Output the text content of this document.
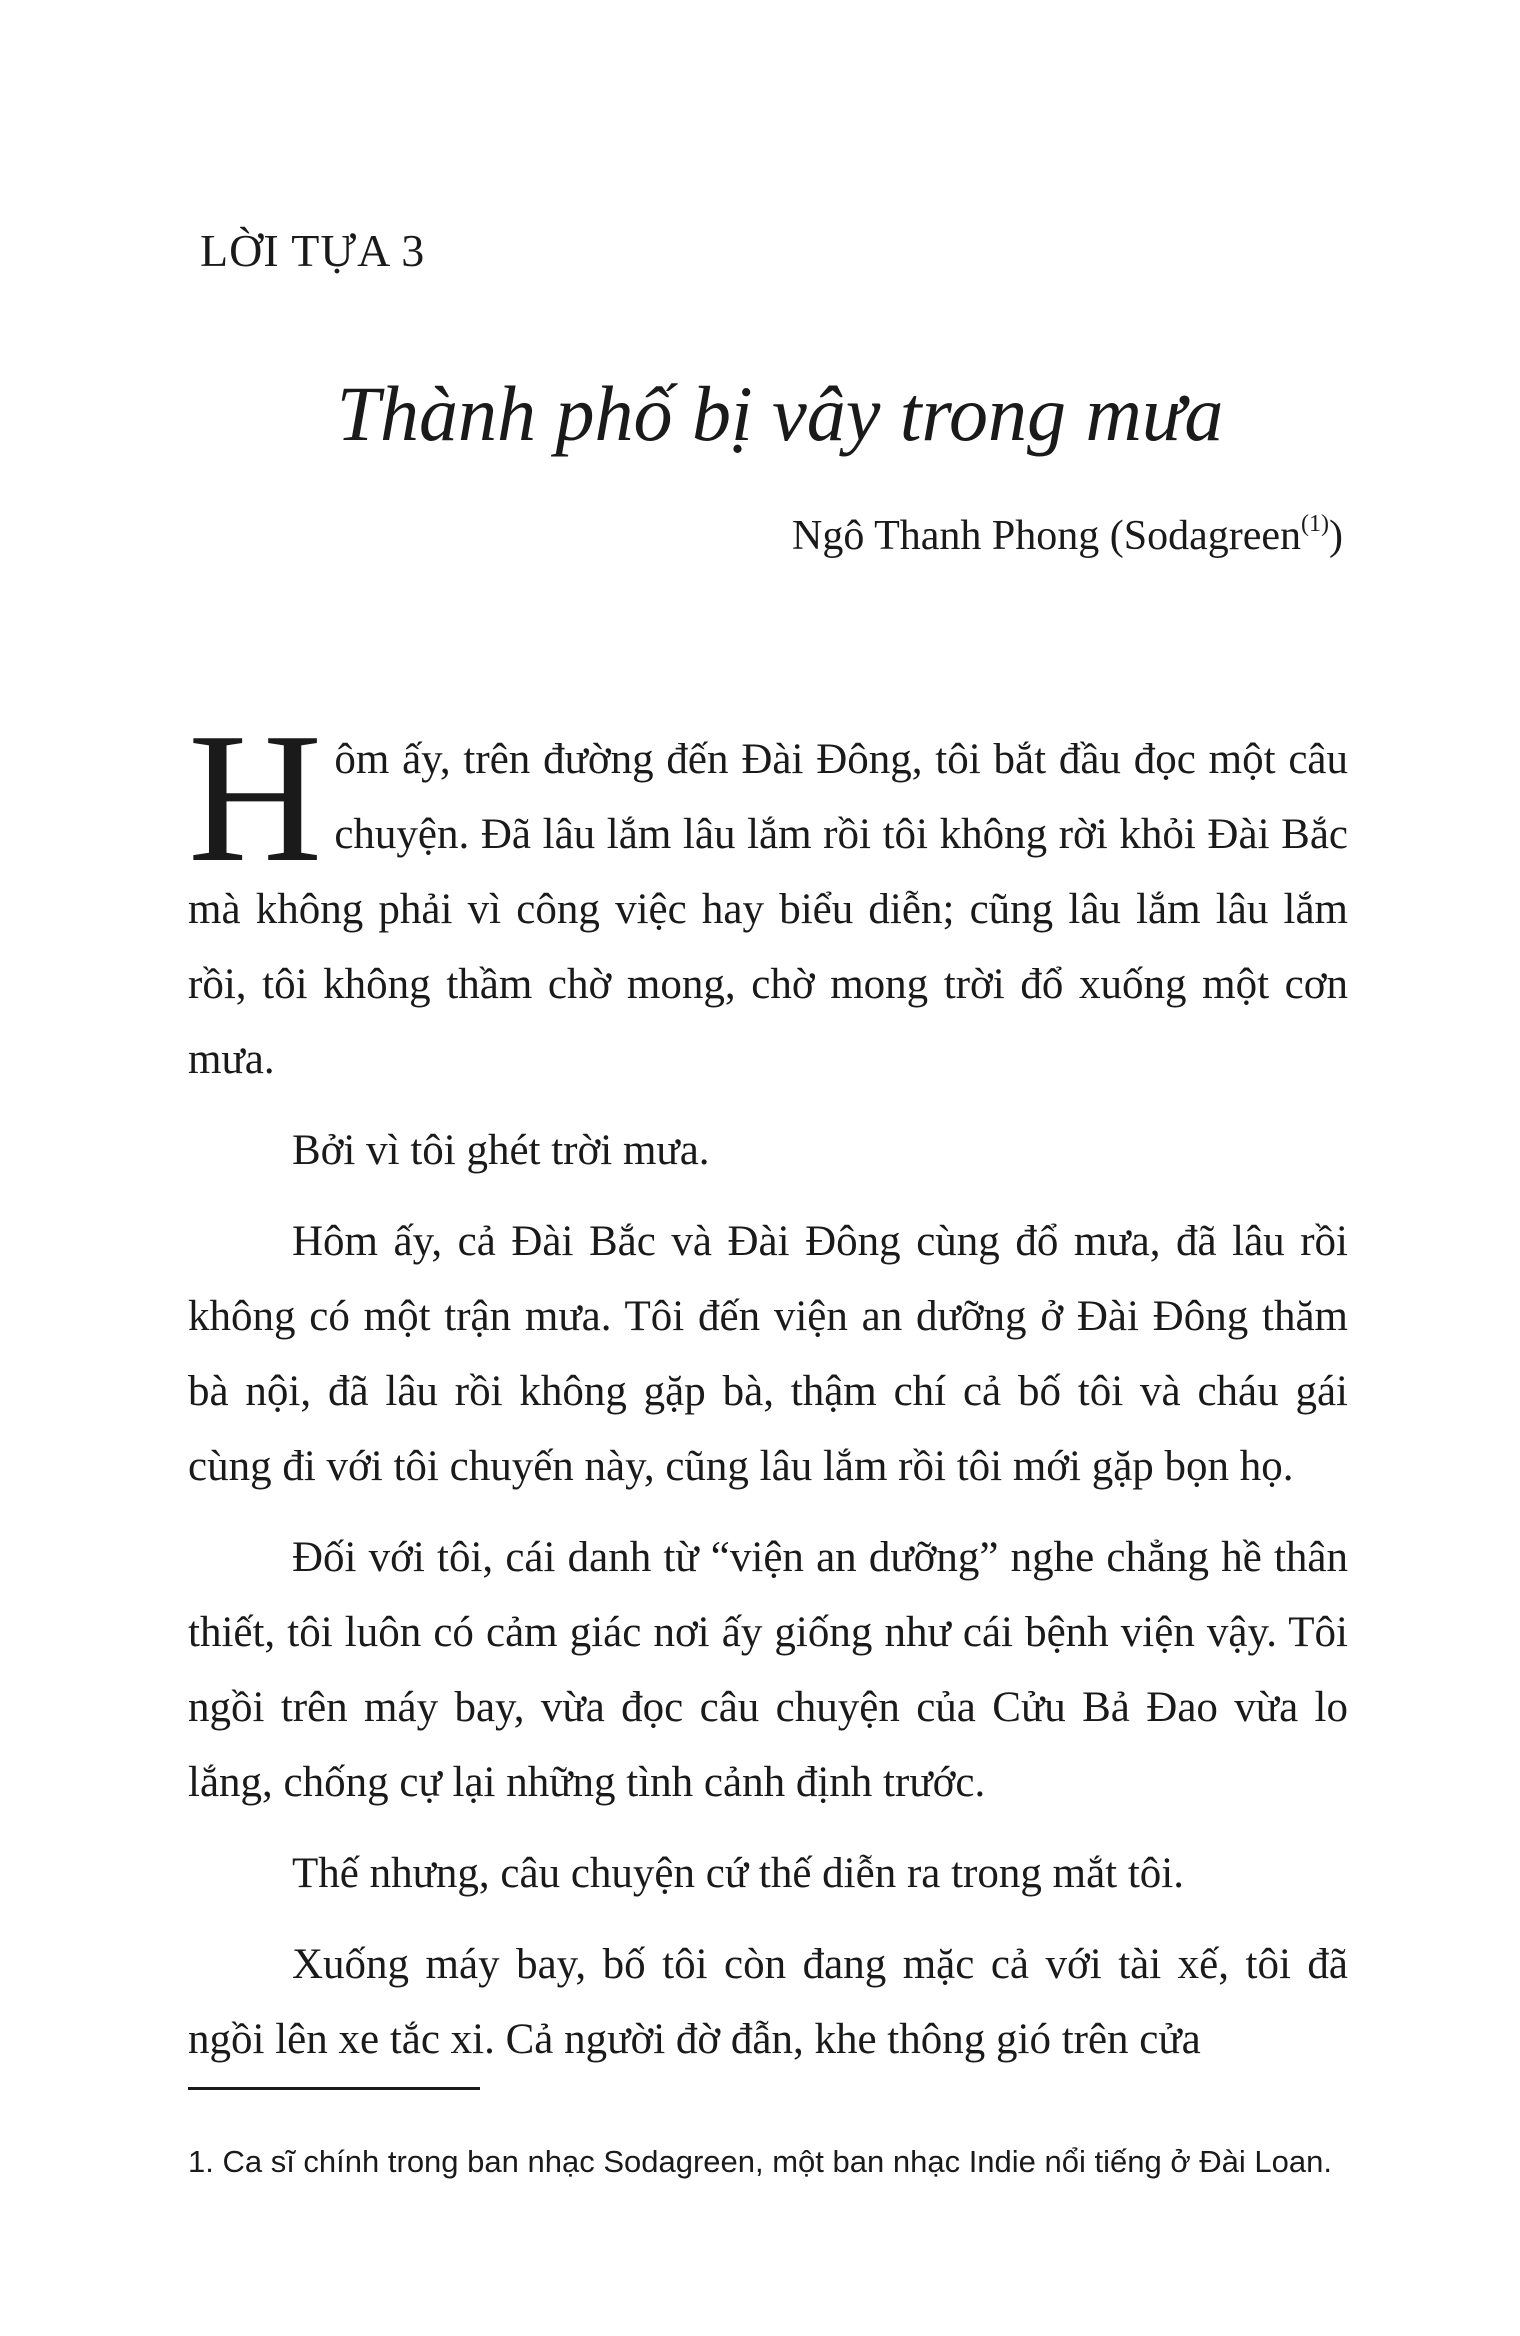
LỜI TỰA 3
Thành phố bị vây trong mưa
Ngô Thanh Phong (Sodagreen$^{(1)}$)

Hôm ấy, trên đường đến Đài Đông, tôi bắt đầu đọc một câu chuyện. Đã lâu lắm lâu lắm rồi tôi không rời khỏi Đài Bắc mà không phải vì công việc hay biểu diễn; cũng lâu lắm lâu lắm rồi, tôi không thầm chờ mong, chờ mong trời đổ xuống một cơn mưa.

Bởi vì tôi ghét trời mưa.

Hôm ấy, cả Đài Bắc và Đài Đông cùng đổ mưa, đã lâu rồi không có một trận mưa. Tôi đến viện an dưỡng ở Đài Đông thăm bà nội, đã lâu rồi không gặp bà, thậm chí cả bố tôi và cháu gái cùng đi với tôi chuyến này, cũng lâu lắm rồi tôi mới gặp bọn họ.

Đối với tôi, cái danh từ “viện an dưỡng” nghe chẳng hề thân thiết, tôi luôn có cảm giác nơi ấy giống như cái bệnh viện vậy. Tôi ngồi trên máy bay, vừa đọc câu chuyện của Cửu Bả Đao vừa lo lắng, chống cự lại những tình cảnh định trước.

Thế nhưng, câu chuyện cứ thế diễn ra trong mắt tôi.

Xuống máy bay, bố tôi còn đang mặc cả với tài xế, tôi đã ngồi lên xe tắc xi. Cả người đờ đẫn, khe thông gió trên cửa

1. Ca sĩ chính trong ban nhạc Sodagreen, một ban nhạc Indie nổi tiếng ở Đài Loan.
